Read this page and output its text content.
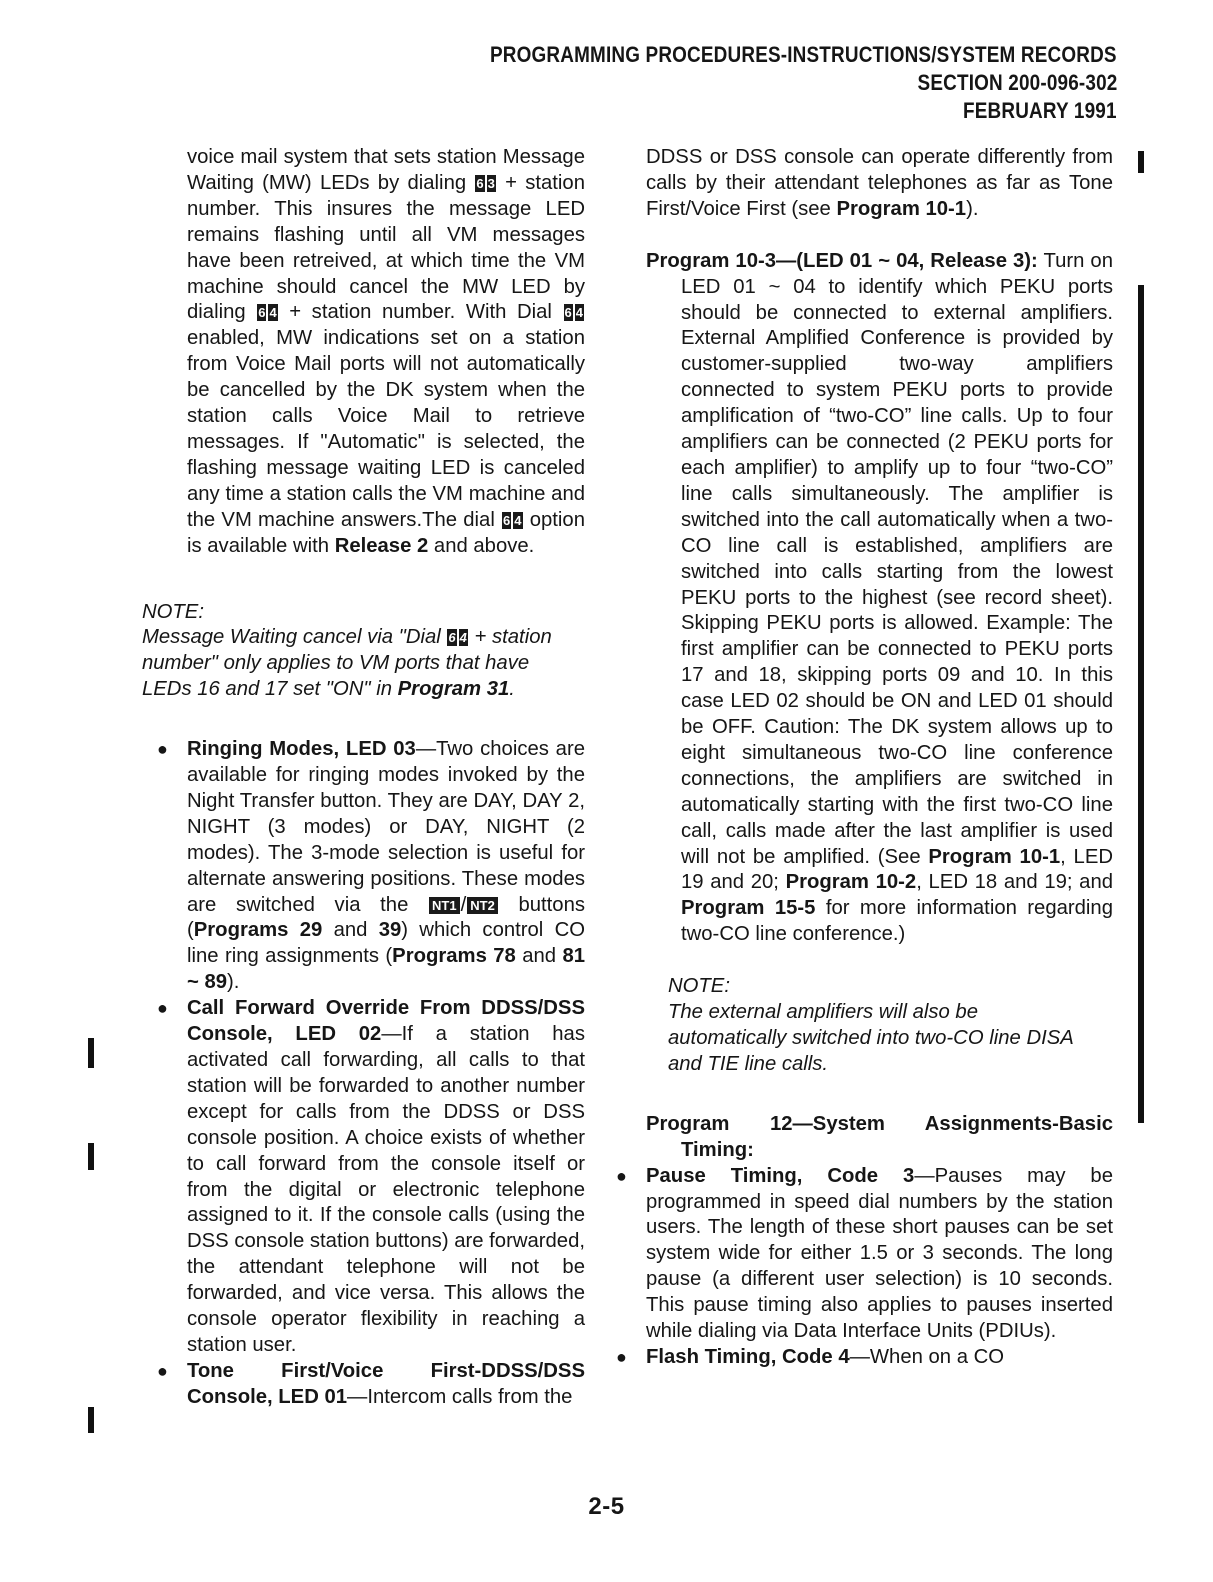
PROGRAMMING PROCEDURES-INSTRUCTIONS/SYSTEM RECORDS
SECTION 200-096-302
FEBRUARY 1991

voice mail system that sets station Message Waiting (MW) LEDs by dialing 6 3 + station number. This insures the message LED remains flashing until all VM messages have been retreived, at which time the VM machine should cancel the MW LED by dialing 6 4 + station number. With Dial 6 4 enabled, MW indications set on a station from Voice Mail ports will not automatically be cancelled by the DK system when the station calls Voice Mail to retrieve messages. If "Automatic" is selected, the flashing message waiting LED is canceled any time a station calls the VM machine and the VM machine answers.The dial 6 4 option is available with Release 2 and above.

NOTE:

Message Waiting cancel via "Dial 6 4 + station number" only applies to VM ports that have LEDs 16 and 17 set "ON" in Program 31.

● Ringing Modes, LED 03—Two choices are available for ringing modes invoked by the Night Transfer button. They are DAY, DAY 2, NIGHT (3 modes) or DAY, NIGHT (2 modes). The 3-mode selection is useful for alternate answering positions. These modes are switched via the NT1 / NT2 buttons (Programs 29 and 39) which control CO line ring assignments (Programs 78 and 81 ~ 89).

● Call Forward Override From DDSS/DSS Console, LED 02—If a station has activated call forwarding, all calls to that station will be forwarded to another number except for calls from the DDSS or DSS console position. A choice exists of whether to call forward from the console itself or from the digital or electronic telephone assigned to it. If the console calls (using the DSS console station buttons) are forwarded, the attendant telephone will not be forwarded, and vice versa. This allows the console operator flexibility in reaching a station user.

● Tone First/Voice First-DDSS/DSS Console, LED 01—Intercom calls from the

DDSS or DSS console can operate differently from calls by their attendant telephones as far as Tone First/Voice First (see Program 10-1).

Program 10-3—(LED 01 ~ 04, Release 3): Turn on LED 01 ~ 04 to identify which PEKU ports should be connected to external amplifiers. External Amplified Conference is provided by customer-supplied two-way amplifiers connected to system PEKU ports to provide amplification of “two-CO” line calls. Up to four amplifiers can be connected (2 PEKU ports for each amplifier) to amplify up to four “two-CO” line calls simultaneously. The amplifier is switched into the call automatically when a two-CO line call is established, amplifiers are switched into calls starting from the lowest PEKU ports to the highest (see record sheet). Skipping PEKU ports is allowed. Example: The first amplifier can be connected to PEKU ports 17 and 18, skipping ports 09 and 10. In this case LED 02 should be ON and LED 01 should be OFF. Caution: The DK system allows up to eight simultaneous two-CO line conference connections, the amplifiers are switched in automatically starting with the first two-CO line call, calls made after the last amplifier is used will not be amplified. (See Program 10-1, LED 19 and 20; Program 10-2, LED 18 and 19; and Program 15-5 for more information regarding two-CO line conference.)

NOTE:

The external amplifiers will also be automatically switched into two-CO line DISA and TIE line calls.

Program 12—System Assignments-Basic Timing:

● Pause Timing, Code 3—Pauses may be programmed in speed dial numbers by the station users. The length of these short pauses can be set system wide for either 1.5 or 3 seconds. The long pause (a different user selection) is 10 seconds. This pause timing also applies to pauses inserted while dialing via Data Interface Units (PDIUs).

● Flash Timing, Code 4—When on a CO

2-5
